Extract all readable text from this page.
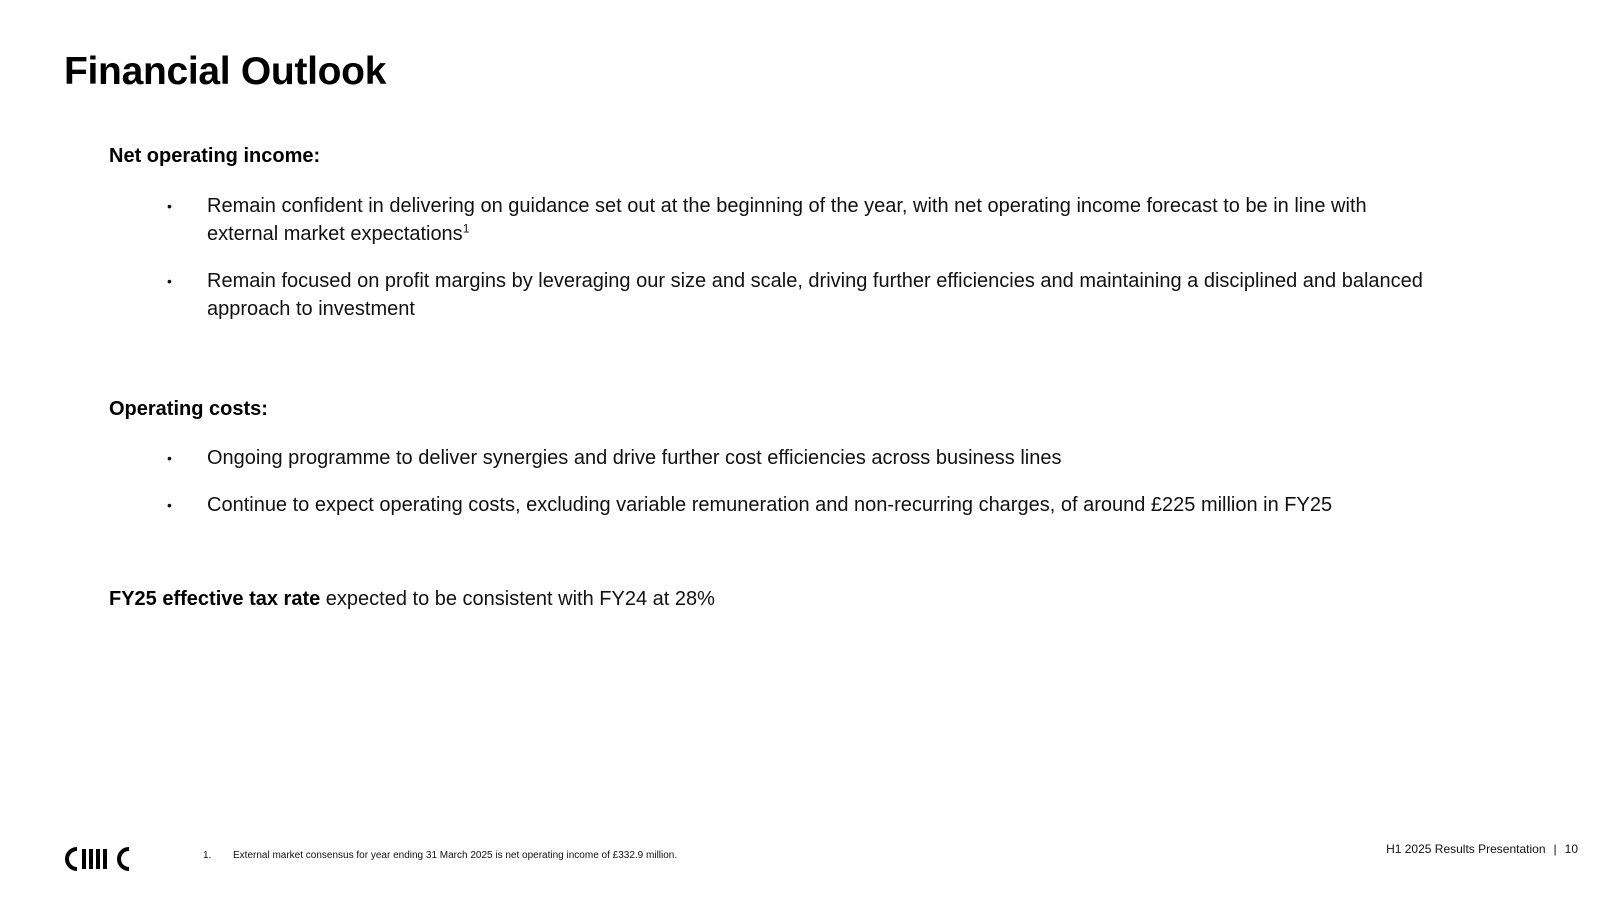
Financial Outlook
Net operating income:
• Remain confident in delivering on guidance set out at the beginning of the year, with net operating income forecast to be in line with external market expectations$^1$
• Remain focused on profit margins by leveraging our size and scale, driving further efficiencies and maintaining a disciplined and balanced approach to investment
Operating costs:
• Ongoing programme to deliver synergies and drive further cost efficiencies across business lines
• Continue to expect operating costs, excluding variable remuneration and non-recurring charges, of around £225 million in FY25

FY25 effective tax rate expected to be consistent with FY24 at 28%

1. External market consensus for year ending 31 March 2025 is net operating income of £332.9 million.	H1 2025 Results Presentation | 10
